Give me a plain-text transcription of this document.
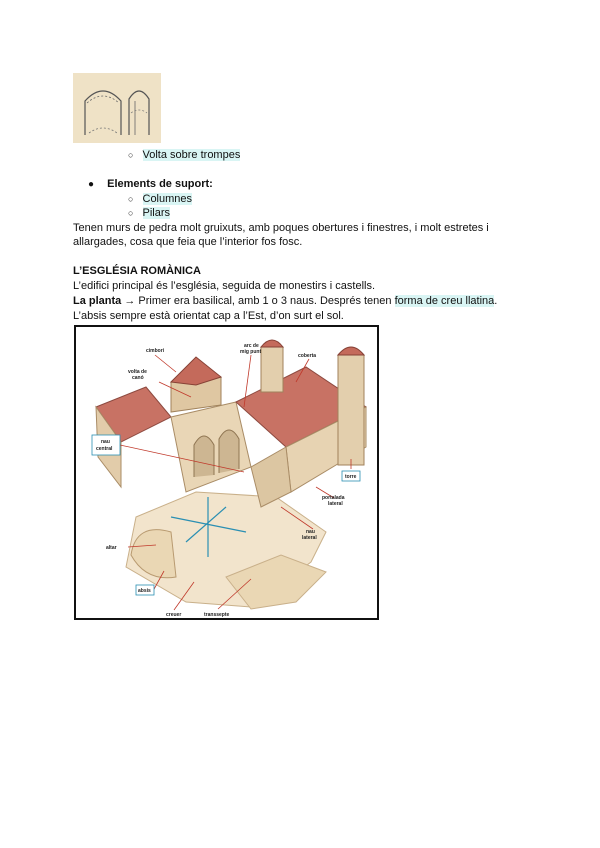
○ Volta sobre trompes
● Elements de suport:
○ Columnes
○ Pilars
Tenen murs de pedra molt gruixuts, amb poques obertures i finestres, i molt estretes i
allargades, cosa que feia que l’interior fos fosc.
L’ESGLÉSIA ROMÀNICA
L’edifici principal és l’església, seguida de monestirs i castells.
La planta → Primer era basilical, amb 1 o 3 naus. Després tenen forma de creu llatina.
L’absis sempre està orientat cap a l’Est, d’on surt el sol.
cimbori
arc de
mig punt
coberta
volta de
canó
nau
central
torre
portalada
lateral
nau
lateral
altar
absis
creuer	transsepte
